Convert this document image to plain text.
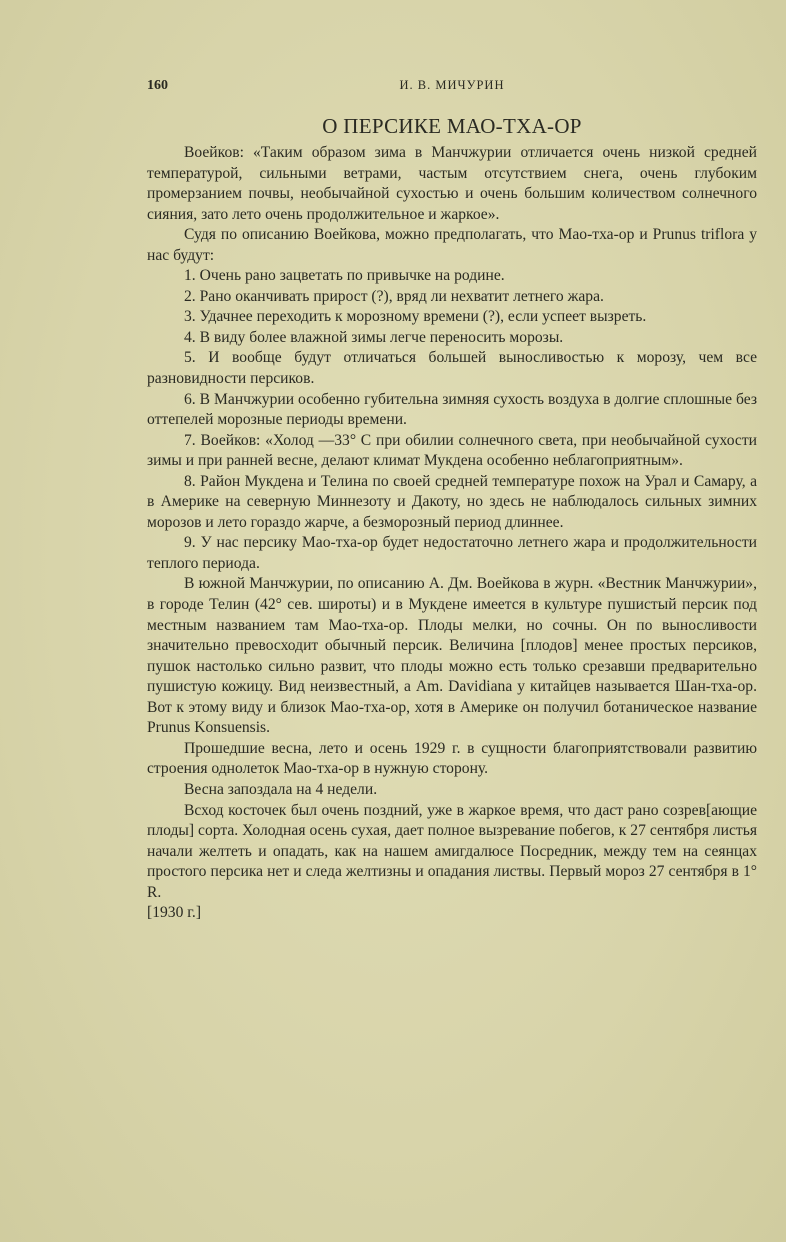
160	И. В. МИЧУРИН
О ПЕРСИКЕ МАО-ТХА-ОР

Воейков: «Таким образом зима в Манчжурии отличается очень низкой средней температурой, сильными ветрами, частым отсутствием снега, очень глубоким промерзанием почвы, необычайной сухостью и очень большим количеством солнечного сияния, зато лето очень продолжительное и жаркое».

Судя по описанию Воейкова, можно предполагать, что Мао-тха-ор и Prunus triflora у нас будут:

1. Очень рано зацветать по привычке на родине.

2. Рано оканчивать прирост (?), вряд ли нехватит летнего жара.

3. Удачнее переходить к морозному времени (?), если успеет вызреть.

4. В виду более влажной зимы легче переносить морозы.

5. И вообще будут отличаться большей выносливостью к морозу, чем все разновидности персиков.

6. В Манчжурии особенно губительна зимняя сухость воздуха в долгие сплошные без оттепелей морозные периоды времени.

7. Воейков: «Холод —33° С при обилии солнечного света, при необычайной сухости зимы и при ранней весне, делают климат Мукдена особенно неблагоприятным».

8. Район Мукдена и Телина по своей средней температуре похож на Урал и Самару, а в Америке на северную Миннезоту и Дакоту, но здесь не наблюдалось сильных зимних морозов и лето гораздо жарче, а безморозный период длиннее.

9. У нас персику Мао-тха-ор будет недостаточно летнего жара и продолжительности теплого периода.

В южной Манчжурии, по описанию А. Дм. Воейкова в журн. «Вестник Манчжурии», в городе Телин (42° сев. широты) и в Мукдене имеется в культуре пушистый персик под местным названием там Мао-тха-ор. Плоды мелки, но сочны. Он по выносливости значительно превосходит обычный персик. Величина [плодов] менее простых персиков, пушок настолько сильно развит, что плоды можно есть только срезавши предварительно пушистую кожицу. Вид неизвестный, а Am. Davidiana у китайцев называется Шан-тха-ор. Вот к этому виду и близок Мао-тха-ор, хотя в Америке он получил ботаническое название Prunus Konsuensis.

Прошедшие весна, лето и осень 1929 г. в сущности благоприятствовали развитию строения однолеток Мао-тха-ор в нужную сторону.

Весна запоздала на 4 недели.

Всход косточек был очень поздний, уже в жаркое время, что даст рано созрев[ающие плоды] сорта. Холодная осень сухая, дает полное вызревание побегов, к 27 сентября листья начали желтеть и опадать, как на нашем амигдалюсе Посредник, между тем на сеянцах простого персика нет и следа желтизны и опадания листвы. Первый мороз 27 сентября в 1° R.

[1930 г.]
